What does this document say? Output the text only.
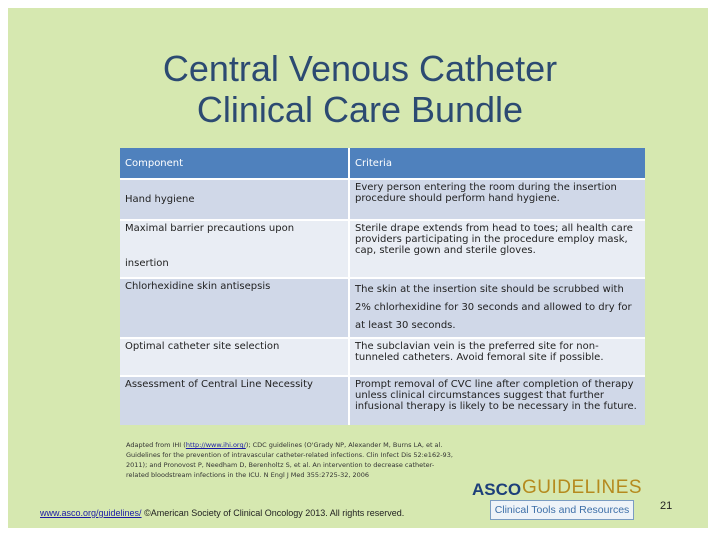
Central Venous Catheter
Clinical Care Bundle
Component	Criteria
Hand hygiene	Every person entering the room during the insertion procedure should perform hand hygiene.

Maximal barrier precautions upon
insertion	Sterile drape extends from head to toes; all health care providers participating in the procedure employ mask, cap, sterile gown and sterile gloves.
Chlorhexidine skin antisepsis	The skin at the insertion site should be scrubbed with 2% chlorhexidine for 30 seconds and allowed to dry for at least 30 seconds.
Optimal catheter site selection	The subclavian vein is the preferred site for non-tunneled catheters. Avoid femoral site if possible.
Assessment of Central Line Necessity	Prompt removal of CVC line after completion of therapy unless clinical circumstances suggest that further infusional therapy is likely to be necessary in the future.
Adapted from IHI (http://www.ihi.org/); CDC guidelines (O'Grady NP, Alexander M, Burns LA, et al. Guidelines for the prevention of intravascular catheter-related infections. Clin Infect Dis 52:e162-93, 2011); and Pronovost P, Needham D, Berenholtz S, et al. An intervention to decrease catheter-related bloodstream infections in the ICU. N Engl J Med 355:2725-32, 2006
www.asco.org/guidelines/ ©American Society of Clinical Oncology 2013. All rights reserved.
ASCO GUIDELINES
Clinical Tools and Resources	21
